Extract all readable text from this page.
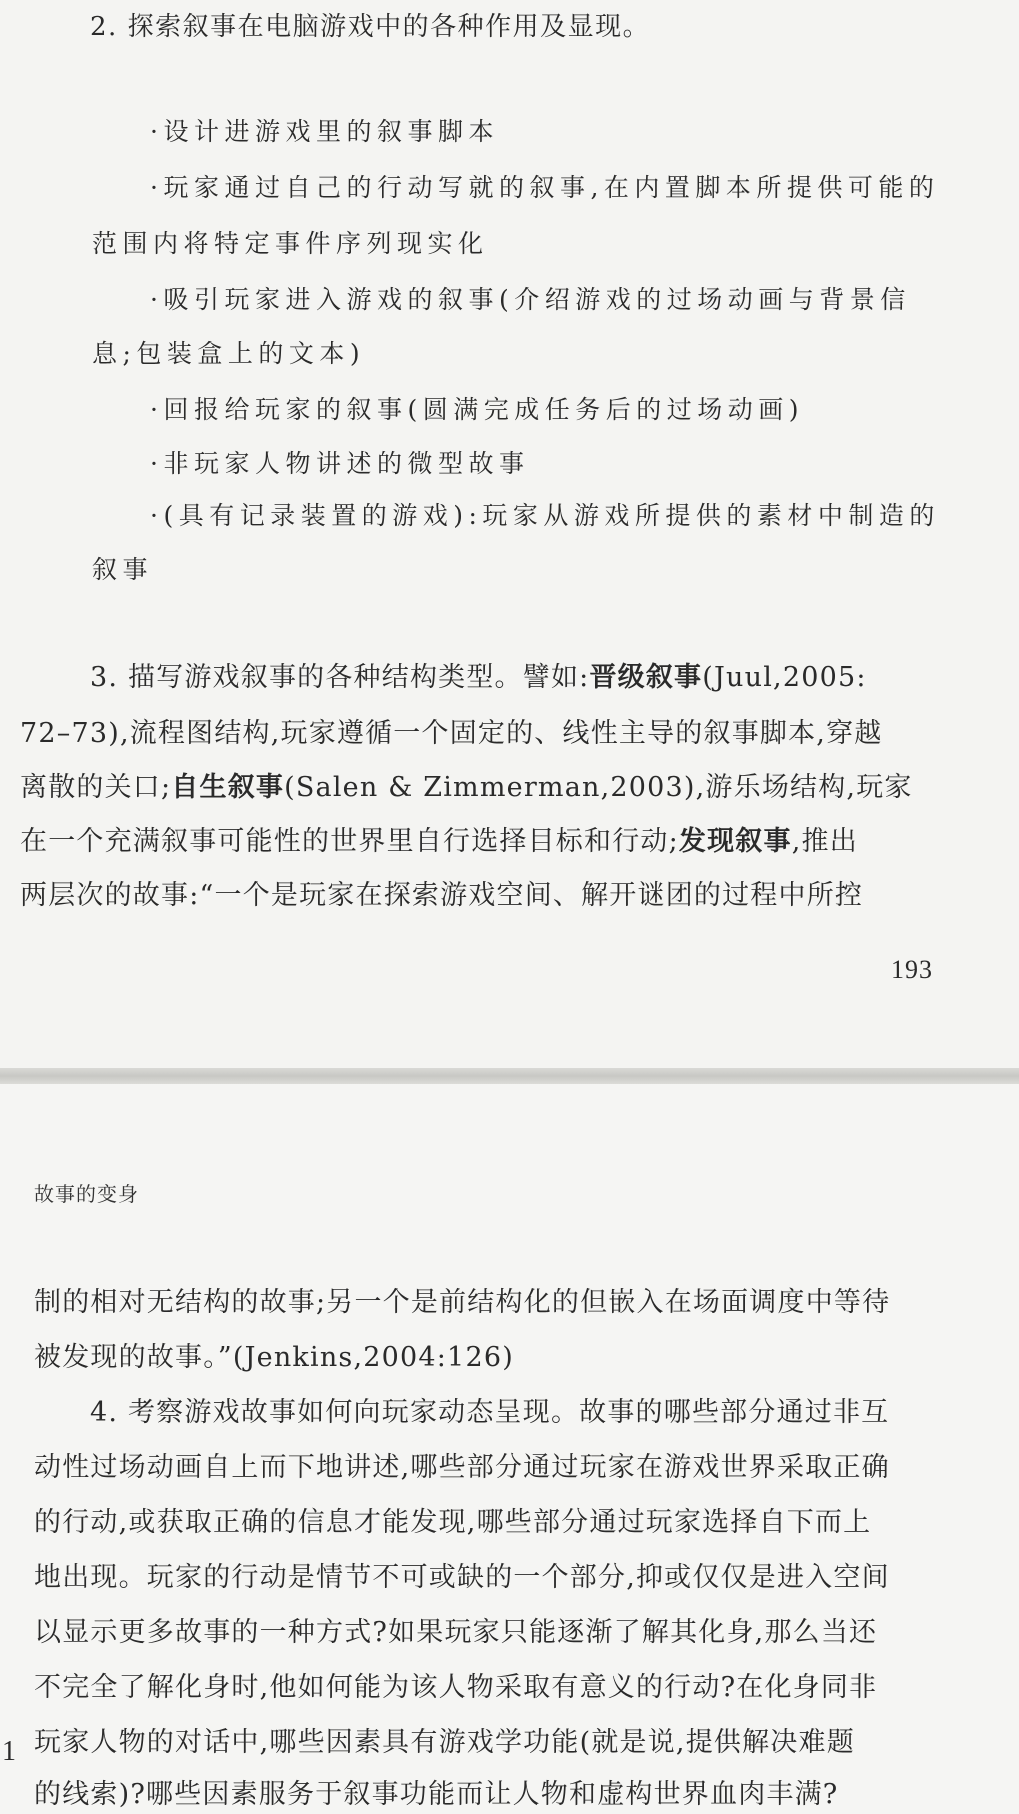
2. 探索叙事在电脑游戏中的各种作用及显现。
·设计进游戏里的叙事脚本
·玩家通过自己的行动写就的叙事,在内置脚本所提供可能的
范围内将特定事件序列现实化
·吸引玩家进入游戏的叙事(介绍游戏的过场动画与背景信
息;包装盒上的文本)
·回报给玩家的叙事(圆满完成任务后的过场动画)
·非玩家人物讲述的微型故事
·(具有记录装置的游戏):玩家从游戏所提供的素材中制造的
叙事
3. 描写游戏叙事的各种结构类型。譬如:晋级叙事(Juul,2005:
72–73),流程图结构,玩家遵循一个固定的、线性主导的叙事脚本,穿越
离散的关口;自生叙事(Salen & Zimmerman,2003),游乐场结构,玩家
在一个充满叙事可能性的世界里自行选择目标和行动;发现叙事,推出
两层次的故事:“一个是玩家在探索游戏空间、解开谜团的过程中所控
193
故事的变身
制的相对无结构的故事;另一个是前结构化的但嵌入在场面调度中等待
被发现的故事。”(Jenkins,2004:126)
4. 考察游戏故事如何向玩家动态呈现。故事的哪些部分通过非互
动性过场动画自上而下地讲述,哪些部分通过玩家在游戏世界采取正确
的行动,或获取正确的信息才能发现,哪些部分通过玩家选择自下而上
地出现。玩家的行动是情节不可或缺的一个部分,抑或仅仅是进入空间
以显示更多故事的一种方式?如果玩家只能逐渐了解其化身,那么当还
不完全了解化身时,他如何能为该人物采取有意义的行动?在化身同非
1 玩家人物的对话中,哪些因素具有游戏学功能(就是说,提供解决难题
的线索)?哪些因素服务于叙事功能而让人物和虚构世界血肉丰满?
